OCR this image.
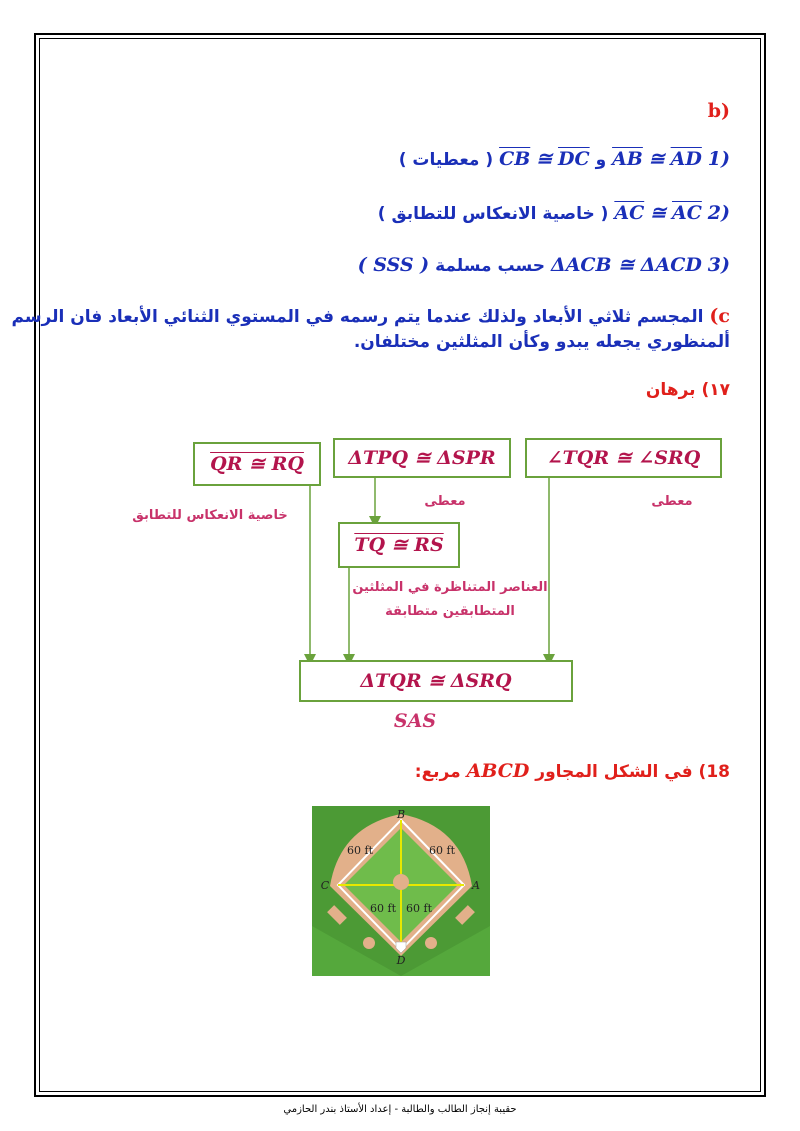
(b
1) $\overline{AD}$ ≅ $\overline{AB}$ و $\overline{DC}$ ≅ $\overline{CB}$ ( معطيات )
2) $\overline{AC}$ ≅ $\overline{AC}$ ( خاصية الانعكاس للتطابق )
3) ΔACB ≅ ΔACD حسب مسلمة ( SSS )
c) المجسم ثلاثي الأبعاد ولذلك عندما يتم رسمه في المستوي الثنائي الأبعاد فان الرسم
ألمنظوري يجعله يبدو وكأن المثلثين مختلفان.
١٧) برهان
QR ≅ RQ	ΔTPQ ≅ ΔSPR	∠TQR ≅ ∠SRQ
TQ ≅ RS
ΔTQR ≅ ΔSRQ
خاصية الانعكاس للتطابق
معطى	معطى
العناصر المتناظرة في المثلثين
المتطابقين متطابقة
SAS
18) في الشكل المجاور ABCD مربع:
B
A
C
D
60 ft	60 ft
60 ft 60 ft
حقيبة إنجاز الطالب والطالبة - إعداد الأستاذ بندر الحازمي
